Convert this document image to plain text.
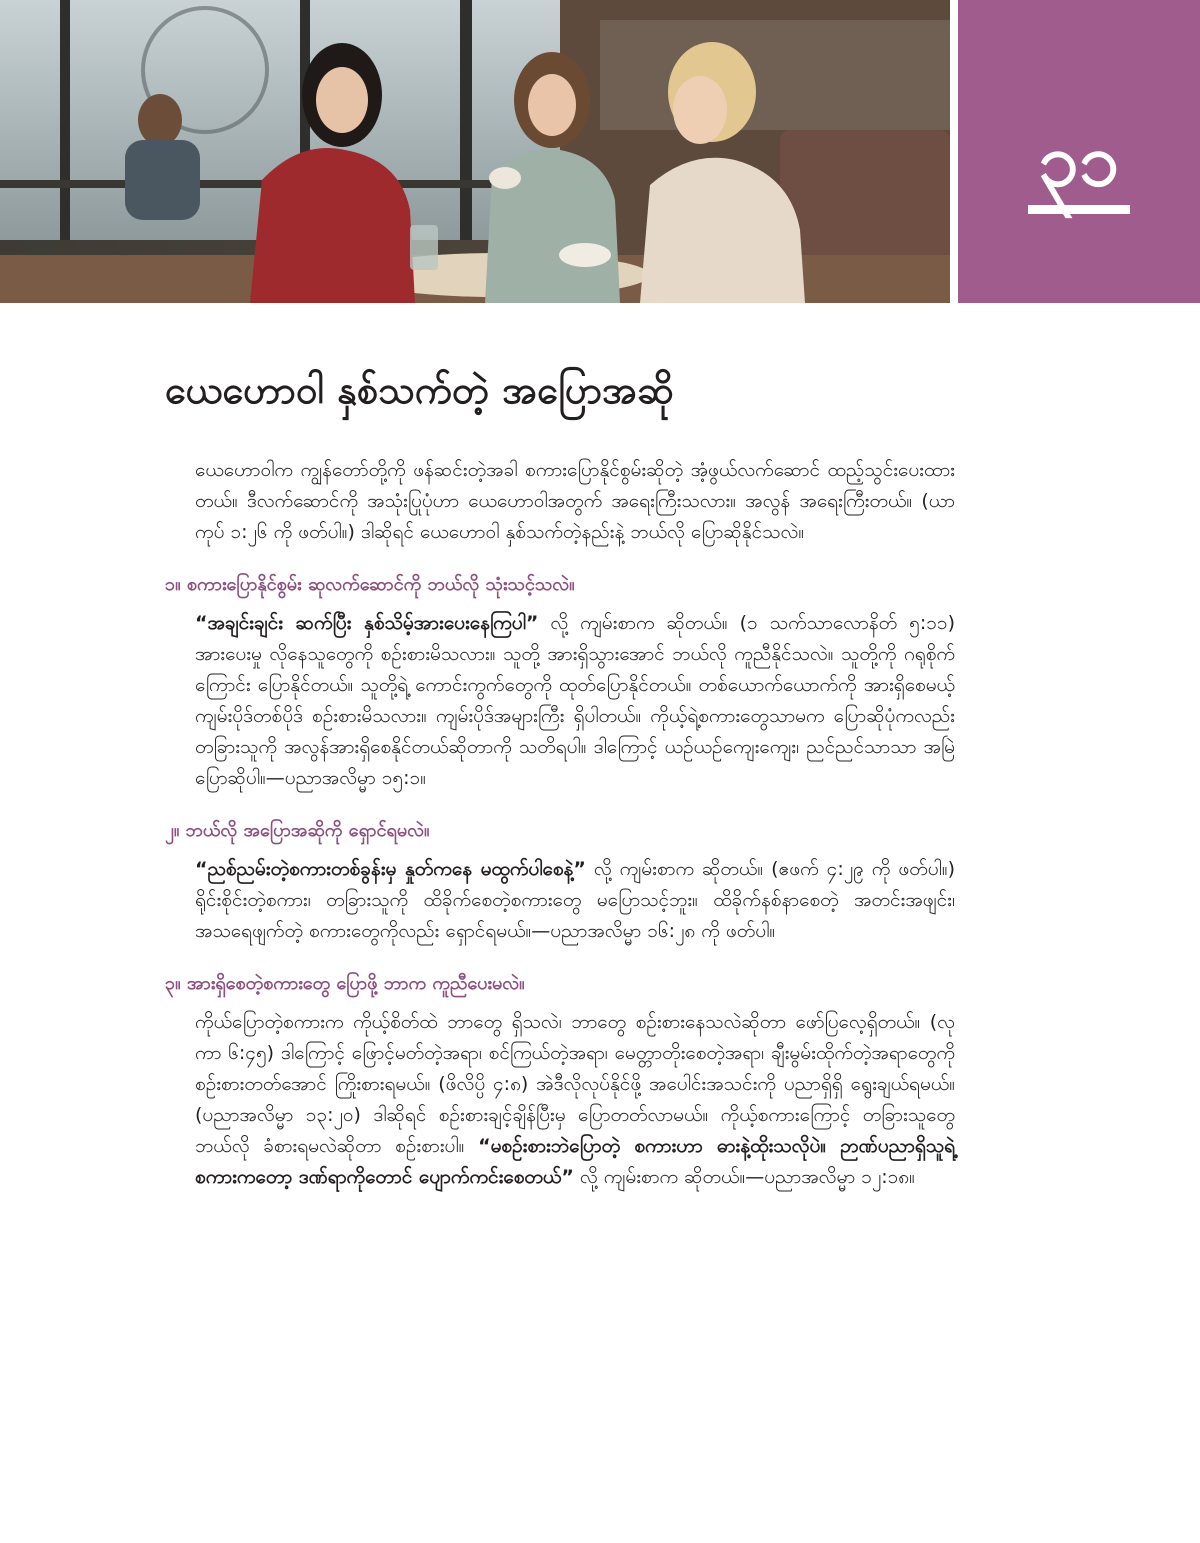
၃၁
ယေဟောဝါ နှစ်သက်တဲ့ အပြောအဆို

ယေဟောဝါက ကျွန်တော်တို့ကို ဖန်ဆင်းတဲ့အခါ စကားပြောနိုင်စွမ်းဆိုတဲ့ အံ့ဖွယ်လက်ဆောင် ထည့်သွင်းပေးထားတယ်။ ဒီလက်ဆောင်ကို အသုံးပြုပုံဟာ ယေဟောဝါအတွက် အရေးကြီးသလား။ အလွန် အရေးကြီးတယ်။ (ယာကုပ် ၁:၂၆ ကို ဖတ်ပါ။) ဒါဆိုရင် ယေဟောဝါ နှစ်သက်တဲ့နည်းနဲ့ ဘယ်လို ပြောဆိုနိုင်သလဲ။

၁။ စကားပြောနိုင်စွမ်း ဆုလက်ဆောင်ကို ဘယ်လို သုံးသင့်သလဲ။

“အချင်းချင်း ဆက်ပြီး နှစ်သိမ့်အားပေးနေကြပါ” လို့ ကျမ်းစာက ဆိုတယ်။ (၁ သက်သာလောနိတ် ၅:၁၁) အားပေးမှု လိုနေသူတွေကို စဉ်းစားမိသလား။ သူတို့ အားရှိသွားအောင် ဘယ်လို ကူညီနိုင်သလဲ။ သူတို့ကို ဂရုစိုက်ကြောင်း ပြောနိုင်တယ်။ သူတို့ရဲ့ ကောင်းကွက်တွေကို ထုတ်ပြောနိုင်တယ်။ တစ်ယောက်ယောက်ကို အားရှိစေမယ့် ကျမ်းပိုဒ်တစ်ပိုဒ် စဉ်းစားမိသလား။ ကျမ်းပိုဒ်အများကြီး ရှိပါတယ်။ ကိုယ့်ရဲ့စကားတွေသာမက ပြောဆိုပုံကလည်း တခြားသူကို အလွန်အားရှိစေနိုင်တယ်ဆိုတာကို သတိရပါ။ ဒါကြောင့် ယဉ်ယဉ်ကျေးကျေး၊ ညင်ညင်သာသာ အမြဲပြောဆိုပါ။—ပညာအလိမ္မာ ၁၅:၁။

၂။ ဘယ်လို အပြောအဆိုကို ရှောင်ရမလဲ။

“ညစ်ညမ်းတဲ့စကားတစ်ခွန်းမှ နှုတ်ကနေ မထွက်ပါစေနဲ့” လို့ ကျမ်းစာက ဆိုတယ်။ (ဧဖက် ၄:၂၉ ကို ဖတ်ပါ။) ရိုင်းစိုင်းတဲ့စကား၊ တခြားသူကို ထိခိုက်စေတဲ့စကားတွေ မပြောသင့်ဘူး။ ထိခိုက်နစ်နာစေတဲ့ အတင်းအဖျင်း၊ အသရေဖျက်တဲ့ စကားတွေကိုလည်း ရှောင်ရမယ်။—ပညာအလိမ္မာ ၁၆:၂၈ ကို ဖတ်ပါ။

၃။ အားရှိစေတဲ့စကားတွေ ပြောဖို့ ဘာက ကူညီပေးမလဲ။

ကိုယ်ပြောတဲ့စကားက ကိုယ့်စိတ်ထဲ ဘာတွေ ရှိသလဲ၊ ဘာတွေ စဉ်းစားနေသလဲဆိုတာ ဖော်ပြလေ့ရှိတယ်။ (လုကာ ၆:၄၅) ဒါကြောင့် ဖြောင့်မတ်တဲ့အရာ၊ စင်ကြယ်တဲ့အရာ၊ မေတ္တာတိုးစေတဲ့အရာ၊ ချီးမွမ်းထိုက်တဲ့အရာတွေကို စဉ်းစားတတ်အောင် ကြိုးစားရမယ်။ (ဖိလိပ္ပိ ၄:၈) အဲဒီလိုလုပ်နိုင်ဖို့ အပေါင်းအသင်းကို ပညာရှိရှိ ရွေးချယ်ရမယ်။ (ပညာအလိမ္မာ ၁၃:၂၀) ဒါဆိုရင် စဉ်းစားချင့်ချိန်ပြီးမှ ပြောတတ်လာမယ်။ ကိုယ့်စကားကြောင့် တခြားသူတွေ ဘယ်လို ခံစားရမလဲဆိုတာ စဉ်းစားပါ။ “မစဉ်းစားဘဲပြောတဲ့ စကားဟာ ဓားနဲ့ထိုးသလိုပဲ။ ဉာဏ်ပညာရှိသူရဲ့ စကားကတော့ ဒဏ်ရာကိုတောင် ပျောက်ကင်းစေတယ်” လို့ ကျမ်းစာက ဆိုတယ်။—ပညာအလိမ္မာ ၁၂:၁၈။
